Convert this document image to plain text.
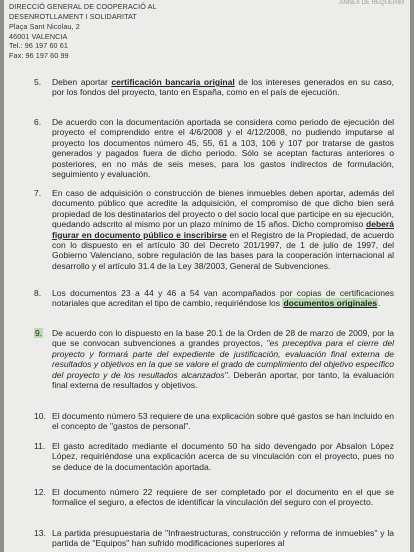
DIRECCIÓ GENERAL DE COOPERACIÓ AL
DESENROTLLAMENT I SOLIDARITAT
Plaça Sant Nicolau, 2
46001 VALENCIA
Tel.: 96 197 60 61
Fax: 96 197 60 99
ANNEX DE REQUERIM
5. Deben aportar certificación bancaria original de los intereses generados en su caso, por los fondos del proyecto, tanto en España, como en el país de ejecución.
6. De acuerdo con la documentación aportada se considera como periodo de ejecución del proyecto el comprendido entre el 4/6/2008 y el 4/12/2008, no pudiendo imputarse al proyecto los documentos número 45, 55, 61 a 103, 106 y 107 por tratarse de gastos generados y pagados fuera de dicho periodo. Sólo se aceptan facturas anteriores o posteriores, en no más de seis meses, para los gastos indirectos de formulación, seguimiento y evaluación.
7. En caso de adquisición o construcción de bienes inmuebles deben aportar, además del documento público que acredite la adquisición, el compromiso de que dicho bien será propiedad de los destinatarios del proyecto o del socio local que participe en su ejecución, quedando adscrito al mismo por un plazo mínimo de 15 años. Dicho compromiso deberá figurar en documento público e inscribirse en el Registro de la Propiedad, de acuerdo con lo dispuesto en el artículo 30 del Decreto 201/1997, de 1 de julio de 1997, del Gobierno Valenciano, sobre regulación de las bases para la cooperación internacional al desarrollo y el artículo 31.4 de la Ley 38/2003, General de Subvenciones.
8. Los documentos 23 a 44 y 46 a 54 van acompañados por copias de certificaciones notariales que acreditan el tipo de cambio, requiriéndose los documentos originales.
9. De acuerdo con lo dispuesto en la base 20.1 de la Orden de 28 de marzo de 2009, por la que se convocan subvenciones a grandes proyectos, "es preceptiva para el cierre del proyecto y formará parte del expediente de justificación, evaluación final externa de resultados y objetivos en la que se valore el grado de cumplimiento del objetivo específico del proyecto y de los resultados alcanzados". Deberán aportar, por tanto, la evaluación final externa de resultados y objetivos.
10. El documento número 53 requiere de una explicación sobre qué gastos se han incluido en el concepto de "gastos de personal".
11. El gasto acreditado mediante el documento 50 ha sido devengado por Absalon López López, requiriéndose una explicación acerca de su vinculación con el proyecto, pues no se deduce de la documentación aportada.
12. El documento número 22 requiere de ser completado por el documento en el que se formalice el seguro, a efectos de identificar la vinculación del seguro con el proyecto.
13. La partida presupuestaria de "Infraestructuras, construcción y reforma de inmuebles" y la partida de "Equipos" han sufrido modificaciones superiores al
